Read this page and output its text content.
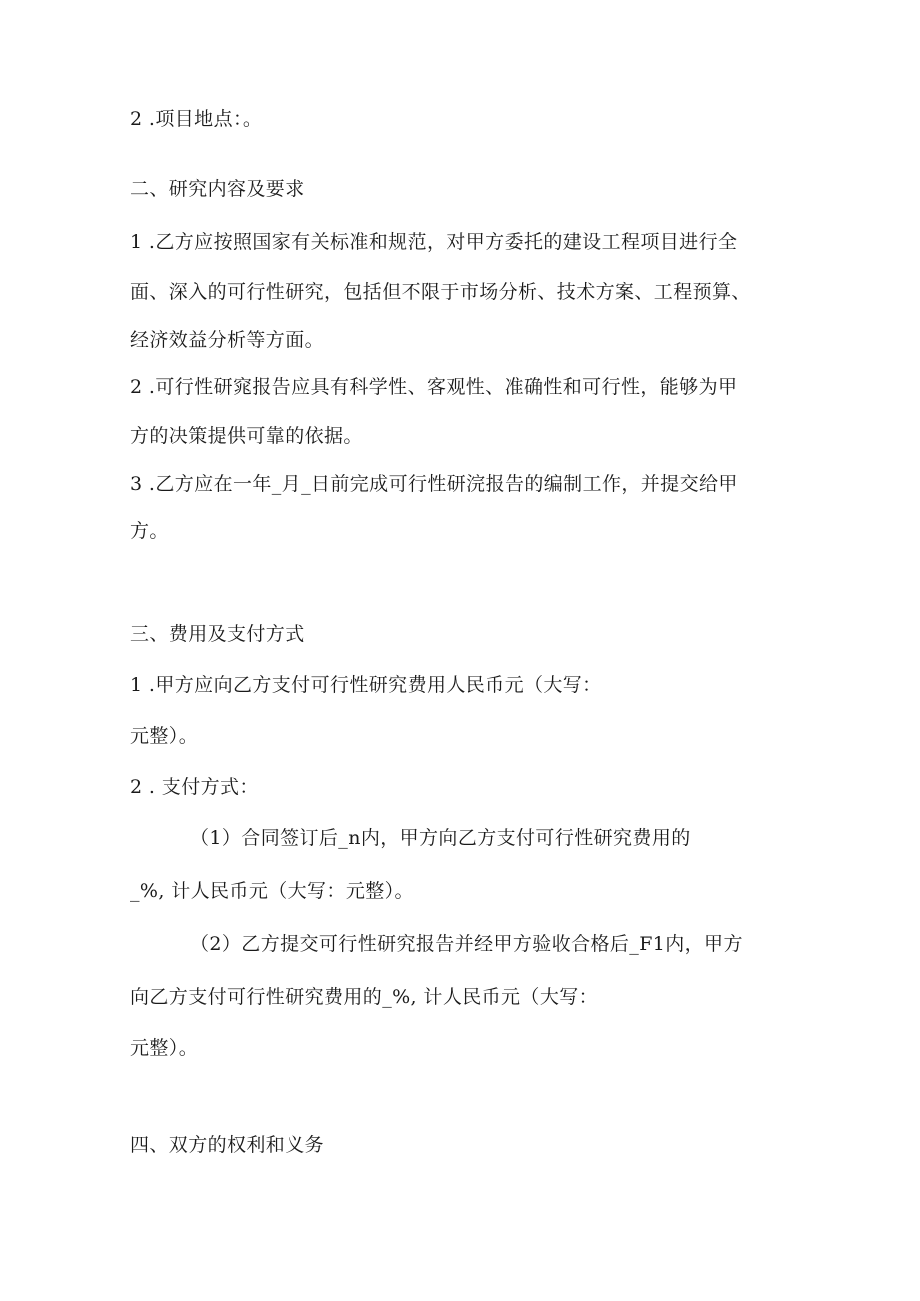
2 .项目地点：。
二、研究内容及要求
1 .乙方应按照国家有关标准和规范，对甲方委托的建设工程项目进行全
面、深入的可行性研究，包括但不限于市场分析、技术方案、工程预算、
经济效益分析等方面。
2 .可行性研窕报告应具有科学性、客观性、准确性和可行性，能够为甲
方的决策提供可靠的依据。
3 .乙方应在一年_月_日前完成可行性研浣报告的编制工作，并提交给甲
方。
三、费用及支付方式
1 .甲方应向乙方支付可行性研究费用人民币元（大写：
元整）。
2 . 支付方式：
（1）合同签订后_n内，甲方向乙方支付可行性研究费用的
_%, 计人民币元（大写：元整）。
（2）乙方提交可行性研究报告并经甲方验收合格后_F1内，甲方
向乙方支付可行性研究费用的_%, 计人民币元（大写：
元整）。
四、双方的权利和义务
